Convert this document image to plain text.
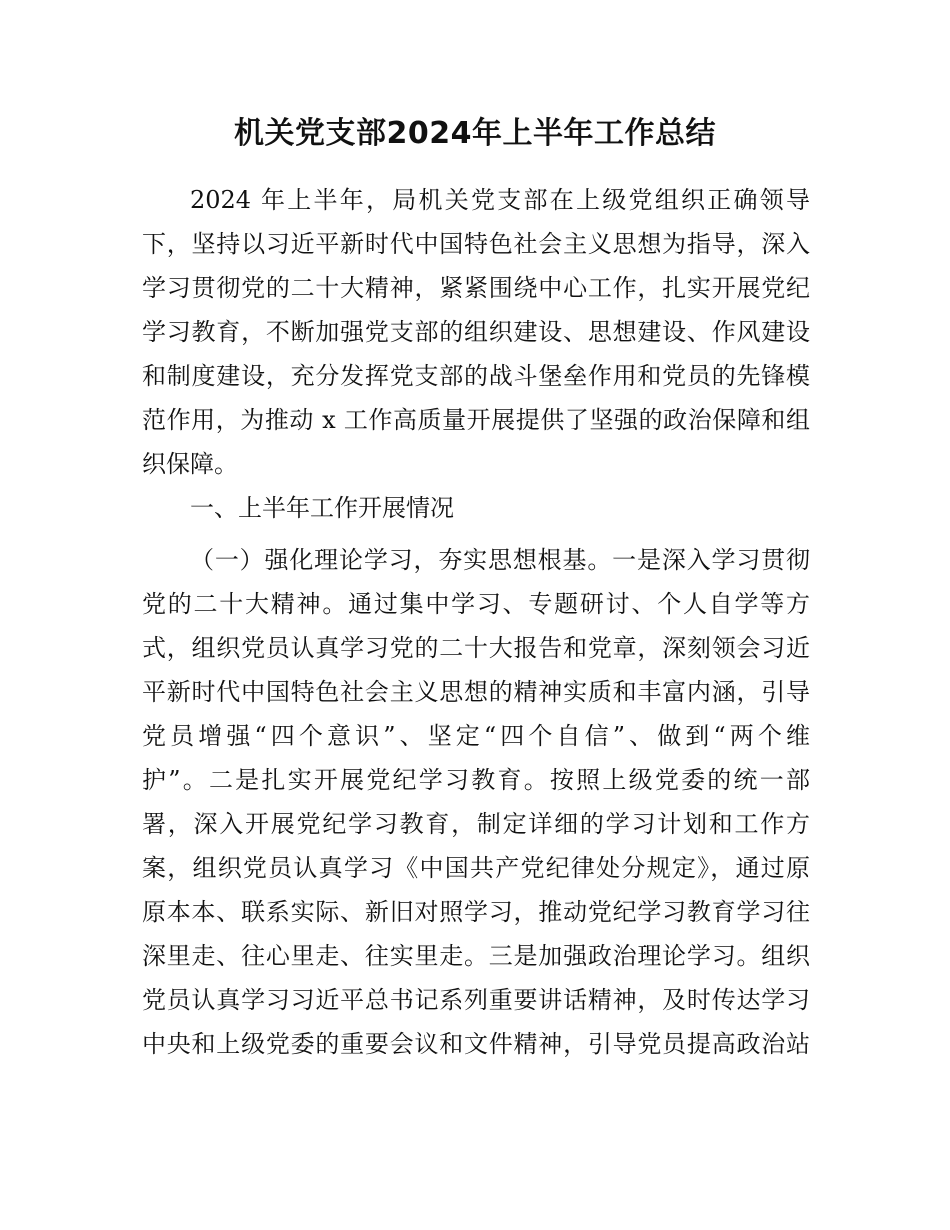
机关党支部2024年上半年工作总结
2024 年上半年，局机关党支部在上级党组织正确领导
下，坚持以习近平新时代中国特色社会主义思想为指导，深入
学习贯彻党的二十大精神，紧紧围绕中心工作，扎实开展党纪
学习教育，不断加强党支部的组织建设、思想建设、作风建设
和制度建设，充分发挥党支部的战斗堡垒作用和党员的先锋模
范作用，为推动 x 工作高质量开展提供了坚强的政治保障和组
织保障。
一、上半年工作开展情况
（一）强化理论学习，夯实思想根基。一是深入学习贯彻
党的二十大精神。通过集中学习、专题研讨、个人自学等方
式，组织党员认真学习党的二十大报告和党章，深刻领会习近
平新时代中国特色社会主义思想的精神实质和丰富内涵，引导
党员增强“四个意识”、坚定“四个自信”、做到“两个维
护”。二是扎实开展党纪学习教育。按照上级党委的统一部
署，深入开展党纪学习教育，制定详细的学习计划和工作方
案，组织党员认真学习《中国共产党纪律处分规定》，通过原
原本本、联系实际、新旧对照学习，推动党纪学习教育学习往
深里走、往心里走、往实里走。三是加强政治理论学习。组织
党员认真学习习近平总书记系列重要讲话精神，及时传达学习
中央和上级党委的重要会议和文件精神，引导党员提高政治站
